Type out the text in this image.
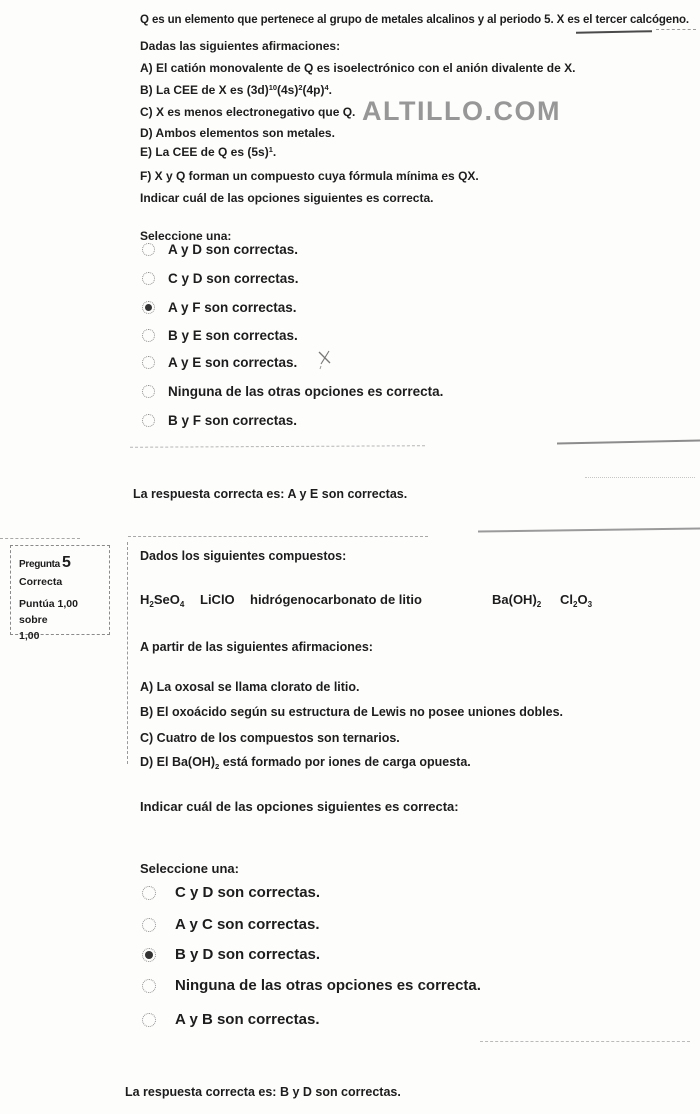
Q es un elemento que pertenece al grupo de metales alcalinos y al periodo 5. X es el tercer calcógeno.
Dadas las siguientes afirmaciones:
A) El catión monovalente de Q es isoelectrónico con el anión divalente de X.
B) La CEE de X es $(3d)^{10}(4s)^2(4p)^4$.
C) X es menos electronegativo que Q.
D) Ambos elementos son metales.
E) La CEE de Q es $(5s)^1$.
F) X y Q forman un compuesto cuya fórmula mínima es QX.
Indicar cuál de las opciones siguientes es correcta.
ALTILLO.COM
Seleccione una:
A y D son correctas.
C y D son correctas.
A y F son correctas.
B y E son correctas.
A y E son correctas.
Ninguna de las otras opciones es correcta.
B y F son correctas.
La respuesta correcta es: A y E son correctas.
Pregunta 5
Correcta
Puntúa 1,00 sobre
1,00
Dados los siguientes compuestos:
$H_2SeO_4$ LiClO hidrógenocarbonato de litio	$Ba(OH)_2$ $Cl_2O_3$
A partir de las siguientes afirmaciones:
A) La oxosal se llama clorato de litio.
B) El oxoácido según su estructura de Lewis no posee uniones dobles.
C) Cuatro de los compuestos son ternarios.
D) El $Ba(OH)_2$ está formado por iones de carga opuesta.
Indicar cuál de las opciones siguientes es correcta:
Seleccione una:
C y D son correctas.
A y C son correctas.
B y D son correctas.
Ninguna de las otras opciones es correcta.
A y B son correctas.
La respuesta correcta es: B y D son correctas.
